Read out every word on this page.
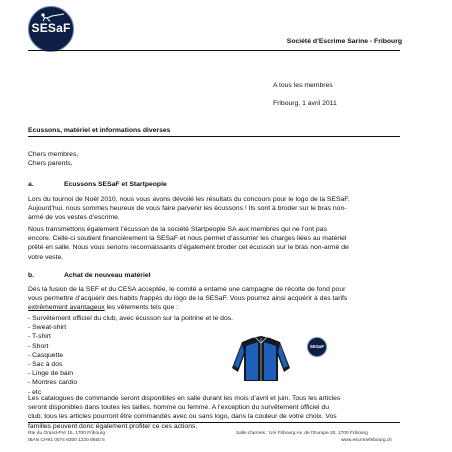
SESaF
Société d’Escrime Sarine - Fribourg
A tous les membres
Fribourg, 1 avril 2011
Ecussons, matériel et informations diverses
Chers membres,
Chers parents,
a.	Ecussons SESaF et Startpeople
Lors du tournoi de Noël 2010, nous vous avons dévoilé les résultats du concours pour le logo de la SESaF.
Aujourd’hui, nous sommes heureux de vous faire parvenir les écussons ! Ils sont à broder sur le bras non-
armé de vos vestes d’escrime.
Nous transmettons également l’écusson de la société Startpeople SA aux membres qui ne l’ont pas
encore. Celle-ci soutient financièrement la SESaF et nous permet d’assumer les charges liées au matériel
prêté en salle. Nous vous serions reconnaissants d’également broder cet écusson sur le bras non-armé de
votre veste.
b.	Achat de nouveau matériel
Dès la fusion de la SEF et du CESA acceptée, le comité a entamé une campagne de récolte de fond pour
vous permettre d’acquérir des habits frappés du logo de la SESaF. Vous pourrez ainsi acquérir à des tarifs
extrêmement avantageux les vêtements tels que :
- Survêtement officiel du club, avec écusson sur la poitrine et le dos.
- Sweat-shirt
- T-shirt
- Short
- Casquette
- Sac à dos
- Linge de bain
- Montres cardio
- etc
SESaF
Les catalogues de commande seront disponibles en salle durant les mois d’avril et juin. Tous les articles
seront disponibles dans toutes les tailles, homme ou femme. A l’exception du survêtement officiel du
club, tous les articles pourront être commandés avec ou sans logo, dans la couleur de votre choix. Vos
familles peuvent donc également profiter ce ces actions.
Rte du Grand-Pré 15, 1700 Fribourg
IBAN CH91 0074 8300 1220 8650 5
Salle d’armes : Uni Fribourg Av. de l’Europe 20, 1700 Fribourg
www.escrimefribourg.ch
